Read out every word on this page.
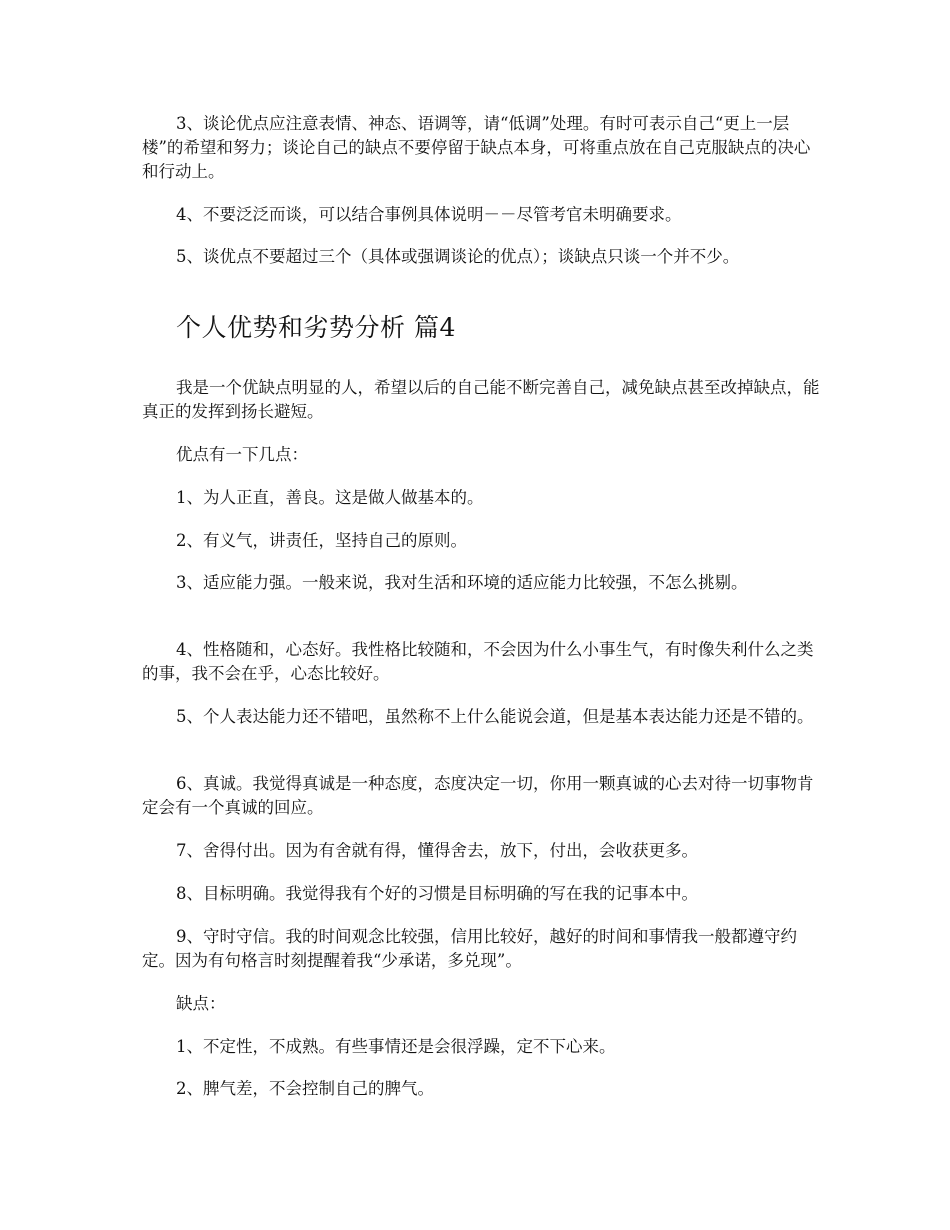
3、谈论优点应注意表情、神态、语调等，请“低调”处理。有时可表示自己“更上一层楼”的希望和努力；谈论自己的缺点不要停留于缺点本身，可将重点放在自己克服缺点的决心和行动上。

4、不要泛泛而谈，可以结合事例具体说明－－尽管考官未明确要求。

5、谈优点不要超过三个（具体或强调谈论的优点）；谈缺点只谈一个并不少。

个人优势和劣势分析 篇4

我是一个优缺点明显的人，希望以后的自己能不断完善自己，减免缺点甚至改掉缺点，能真正的发挥到扬长避短。

优点有一下几点：

1、为人正直，善良。这是做人做基本的。

2、有义气，讲责任，坚持自己的原则。

3、适应能力强。一般来说，我对生活和环境的适应能力比较强，不怎么挑剔。

4、性格随和，心态好。我性格比较随和，不会因为什么小事生气，有时像失利什么之类的事，我不会在乎，心态比较好。

5、个人表达能力还不错吧，虽然称不上什么能说会道，但是基本表达能力还是不错的。

6、真诚。我觉得真诚是一种态度，态度决定一切，你用一颗真诚的心去对待一切事物肯定会有一个真诚的回应。

7、舍得付出。因为有舍就有得，懂得舍去，放下，付出，会收获更多。

8、目标明确。我觉得我有个好的习惯是目标明确的写在我的记事本中。

9、守时守信。我的时间观念比较强，信用比较好，越好的时间和事情我一般都遵守约定。因为有句格言时刻提醒着我“少承诺，多兑现”。

缺点：

1、不定性，不成熟。有些事情还是会很浮躁，定不下心来。

2、脾气差，不会控制自己的脾气。
